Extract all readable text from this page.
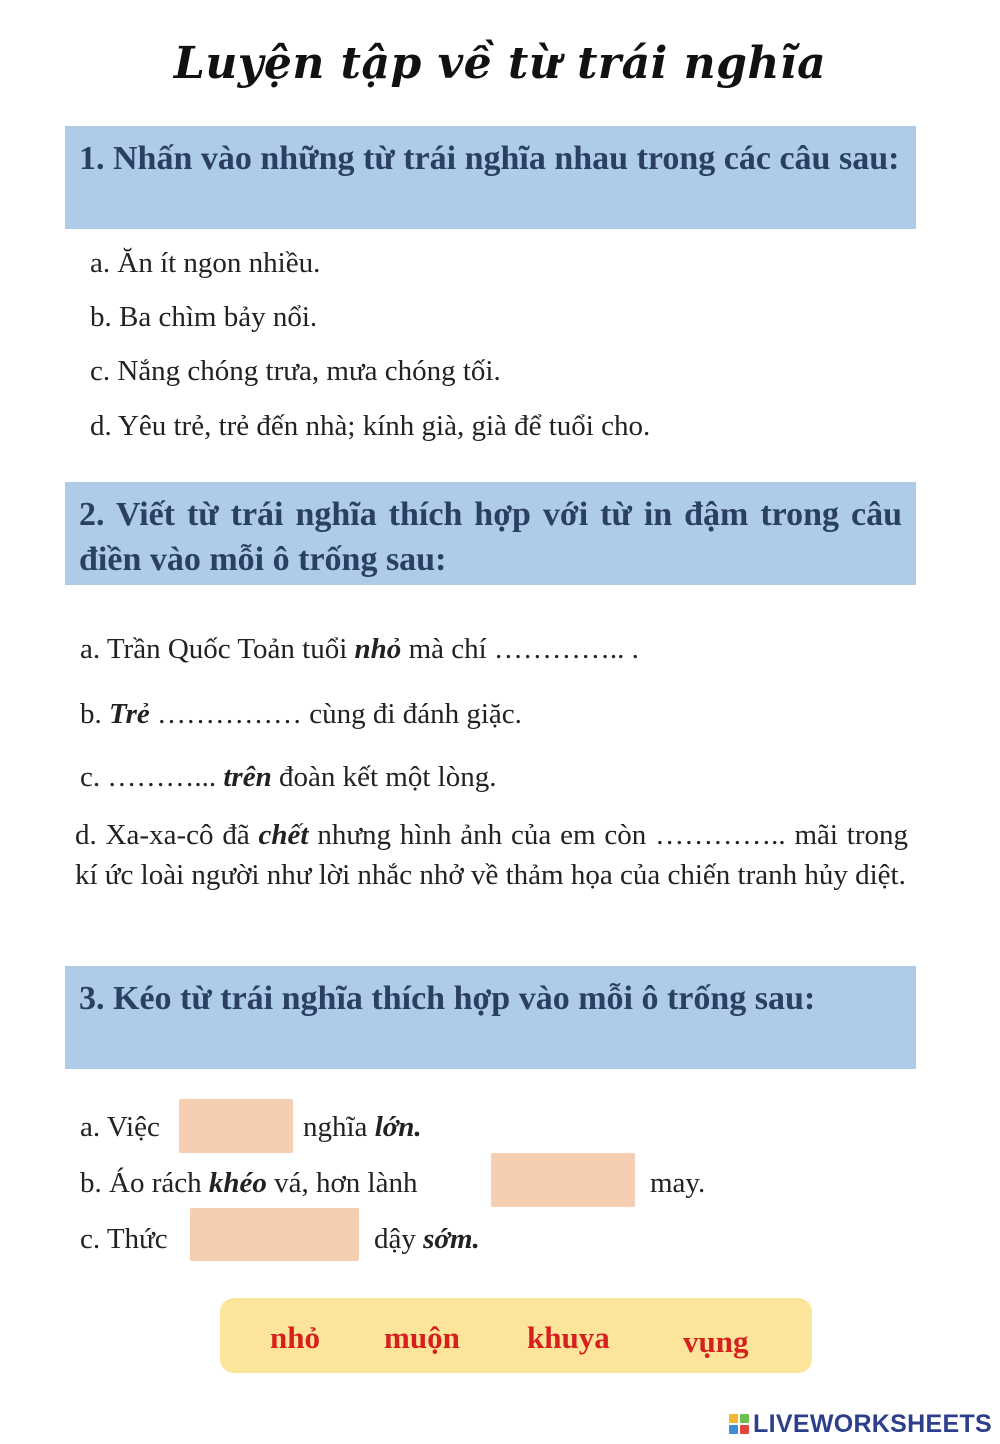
Luyện tập về từ trái nghĩa
1. Nhấn vào những từ trái nghĩa nhau trong các câu sau:
a. Ăn ít ngon nhiều.
b. Ba chìm bảy nổi.
c. Nắng chóng trưa, mưa chóng tối.
d. Yêu trẻ, trẻ đến nhà; kính già, già để tuổi cho.
2. Viết từ trái nghĩa thích hợp với từ in đậm trong câu điền vào mỗi ô trống sau:
a. Trần Quốc Toản tuổi nhỏ mà chí ………….. .
b. Trẻ …………… cùng đi đánh giặc.
c. ………... trên đoàn kết một lòng.
d. Xa-xa-cô đã chết nhưng hình ảnh của em còn ………….. mãi trong kí ức loài người như lời nhắc nhở về thảm họa của chiến tranh hủy diệt.
3. Kéo từ trái nghĩa thích hợp vào mỗi ô trống sau:
a. Việc	nghĩa lớn.
b. Áo rách khéo vá, hơn lành	may.
c. Thức	dậy sớm.
nhỏ muộn khuya vụng
LIVEWORKSHEETS
